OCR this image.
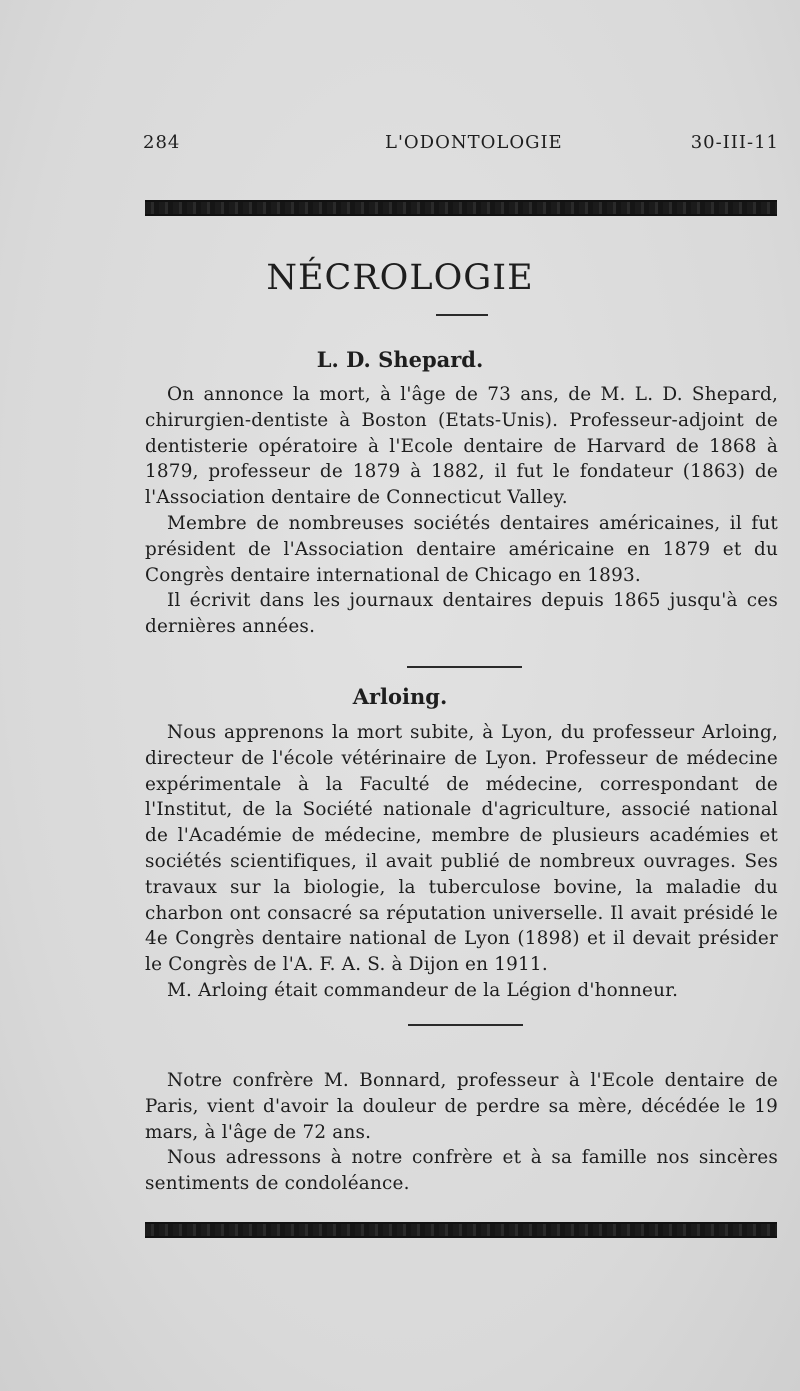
284	L'ODONTOLOGIE	30-III-11
NÉCROLOGIE
L. D. Shepard.

On annonce la mort, à l'âge de 73 ans, de M. L. D. Shepard, chirurgien-dentiste à Boston (Etats-Unis). Professeur-adjoint de dentisterie opératoire à l'Ecole dentaire de Harvard de 1868 à 1879, professeur de 1879 à 1882, il fut le fondateur (1863) de l'Association dentaire de Connecticut Valley.

Membre de nombreuses sociétés dentaires américaines, il fut président de l'Association dentaire américaine en 1879 et du Congrès dentaire international de Chicago en 1893.

Il écrivit dans les journaux dentaires depuis 1865 jusqu'à ces dernières années.

Arloing.

Nous apprenons la mort subite, à Lyon, du professeur Arloing, directeur de l'école vétérinaire de Lyon. Professeur de médecine expérimentale à la Faculté de médecine, correspondant de l'Institut, de la Société nationale d'agriculture, associé national de l'Académie de médecine, membre de plusieurs académies et sociétés scientifiques, il avait publié de nombreux ouvrages. Ses travaux sur la biologie, la tuberculose bovine, la maladie du charbon ont consacré sa réputation universelle. Il avait présidé le 4e Congrès dentaire national de Lyon (1898) et il devait présider le Congrès de l'A. F. A. S. à Dijon en 1911.

M. Arloing était commandeur de la Légion d'honneur.

Notre confrère M. Bonnard, professeur à l'Ecole dentaire de Paris, vient d'avoir la douleur de perdre sa mère, décédée le 19 mars, à l'âge de 72 ans.

Nous adressons à notre confrère et à sa famille nos sincères sentiments de condoléance.
